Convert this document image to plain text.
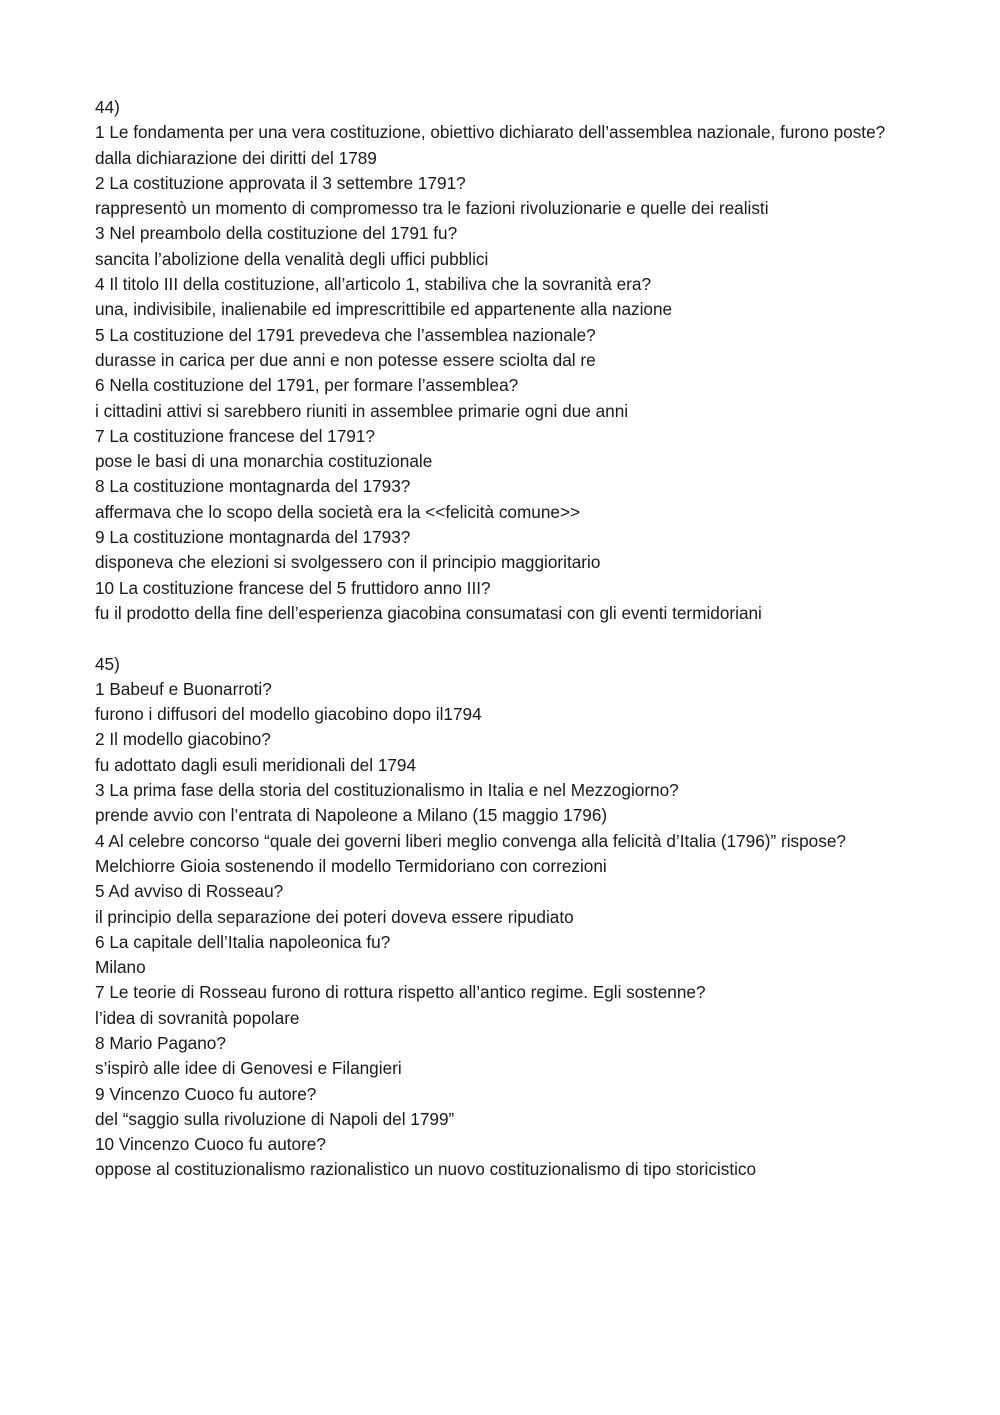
44)
1 Le fondamenta per una vera costituzione, obiettivo dichiarato dell’assemblea nazionale, furono poste?
dalla dichiarazione dei diritti del 1789
2 La costituzione approvata il 3 settembre 1791?
rappresentò un momento di compromesso tra le fazioni rivoluzionarie e quelle dei realisti
3 Nel preambolo della costituzione del 1791 fu?
sancita l’abolizione della venalità degli uffici pubblici
4 Il titolo III della costituzione, all’articolo 1, stabiliva che la sovranità era?
una, indivisibile, inalienabile ed imprescrittibile ed appartenente alla nazione
5 La costituzione del 1791 prevedeva che l’assemblea nazionale?
durasse in carica per due anni e non potesse essere sciolta dal re
6 Nella costituzione del 1791, per formare l’assemblea?
i cittadini attivi si sarebbero riuniti in assemblee primarie ogni due anni
7 La costituzione francese del 1791?
pose le basi di una monarchia costituzionale
8 La costituzione montagnarda del 1793?
affermava che lo scopo della società era la <<felicità comune>>
9 La costituzione montagnarda del 1793?
disponeva che elezioni si svolgessero con il principio maggioritario
10 La costituzione francese del 5 fruttidoro anno III?
fu il prodotto della fine dell’esperienza giacobina consumatasi con gli eventi termidoriani
45)
1 Babeuf e Buonarroti?
furono i diffusori del modello giacobino dopo il1794
2 Il modello giacobino?
fu adottato dagli esuli meridionali del 1794
3 La prima fase della storia del costituzionalismo in Italia e nel Mezzogiorno?
prende avvio con l’entrata di Napoleone a Milano (15 maggio 1796)
4 Al celebre concorso “quale dei governi liberi meglio convenga alla felicità d’Italia (1796)” rispose?
Melchiorre Gioia sostenendo il modello Termidoriano con correzioni
5 Ad avviso di Rosseau?
il principio della separazione dei poteri doveva essere ripudiato
6 La capitale dell’Italia napoleonica fu?
Milano
7 Le teorie di Rosseau furono di rottura rispetto all’antico regime. Egli sostenne?
l’idea di sovranità popolare
8 Mario Pagano?
s’ispirò alle idee di Genovesi e Filangieri
9 Vincenzo Cuoco fu autore?
del “saggio sulla rivoluzione di Napoli del 1799”
10 Vincenzo Cuoco fu autore?
oppose al costituzionalismo razionalistico un nuovo costituzionalismo di tipo storicistico
